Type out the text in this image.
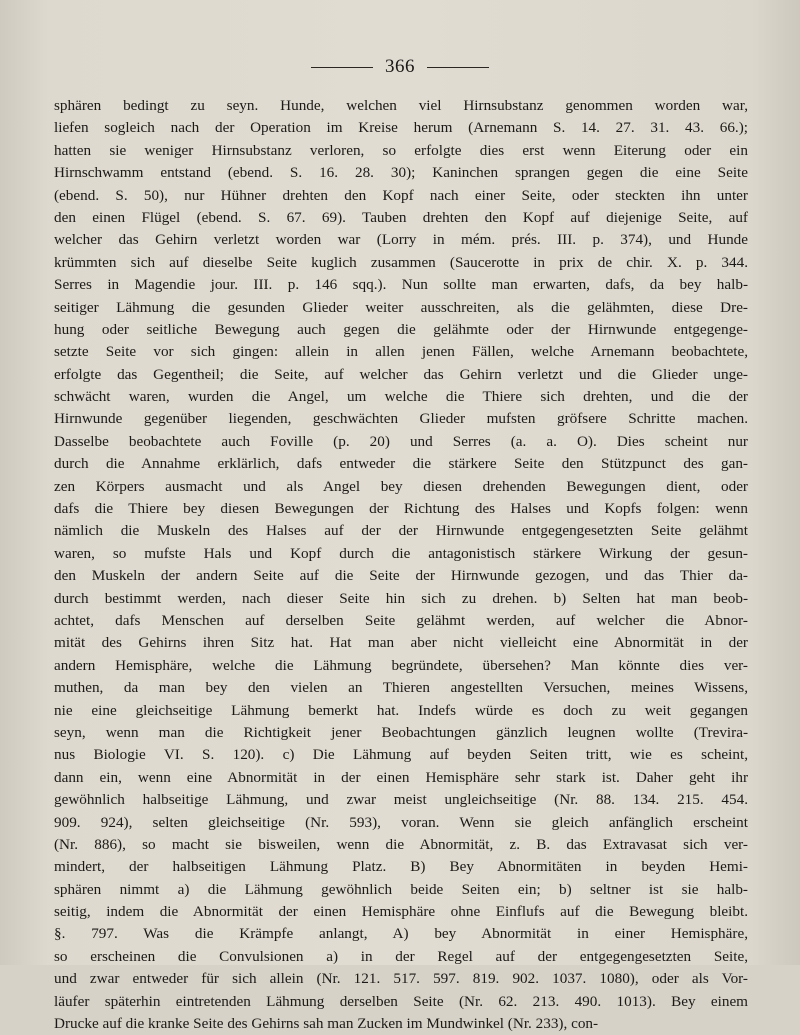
366
sphären bedingt zu seyn. Hunde, welchen viel Hirnsubstanz genommen worden war,
liefen sogleich nach der Operation im Kreise herum (Arnemann S. 14. 27. 31. 43. 66.);
hatten sie weniger Hirnsubstanz verloren, so erfolgte dies erst wenn Eiterung oder ein
Hirnschwamm entstand (ebend. S. 16. 28. 30); Kaninchen sprangen gegen die eine Seite
(ebend. S. 50), nur Hühner drehten den Kopf nach einer Seite, oder steckten ihn unter
den einen Flügel (ebend. S. 67. 69). Tauben drehten den Kopf auf diejenige Seite, auf
welcher das Gehirn verletzt worden war (Lorry in mém. prés. III. p. 374), und Hunde
krümmten sich auf dieselbe Seite kuglich zusammen (Saucerotte in prix de chir. X. p. 344.
Serres in Magendie jour. III. p. 146 sqq.). Nun sollte man erwarten, dafs, da bey halb-
seitiger Lähmung die gesunden Glieder weiter ausschreiten, als die gelähmten, diese Dre-
hung oder seitliche Bewegung auch gegen die gelähmte oder der Hirnwunde entgegenge-
setzte Seite vor sich gingen: allein in allen jenen Fällen, welche Arnemann beobachtete,
erfolgte das Gegentheil; die Seite, auf welcher das Gehirn verletzt und die Glieder unge-
schwächt waren, wurden die Angel, um welche die Thiere sich drehten, und die der
Hirnwunde gegenüber liegenden, geschwächten Glieder mufsten gröfsere Schritte machen.
Dasselbe beobachtete auch Foville (p. 20) und Serres (a. a. O). Dies scheint nur
durch die Annahme erklärlich, dafs entweder die stärkere Seite den Stützpunct des gan-
zen Körpers ausmacht und als Angel bey diesen drehenden Bewegungen dient, oder
dafs die Thiere bey diesen Bewegungen der Richtung des Halses und Kopfs folgen: wenn
nämlich die Muskeln des Halses auf der der Hirnwunde entgegengesetzten Seite gelähmt
waren, so mufste Hals und Kopf durch die antagonistisch stärkere Wirkung der gesun-
den Muskeln der andern Seite auf die Seite der Hirnwunde gezogen, und das Thier da-
durch bestimmt werden, nach dieser Seite hin sich zu drehen. b) Selten hat man beob-
achtet, dafs Menschen auf derselben Seite gelähmt werden, auf welcher die Abnor-
mität des Gehirns ihren Sitz hat. Hat man aber nicht vielleicht eine Abnormität in der
andern Hemisphäre, welche die Lähmung begründete, übersehen? Man könnte dies ver-
muthen, da man bey den vielen an Thieren angestellten Versuchen, meines Wissens,
nie eine gleichseitige Lähmung bemerkt hat. Indefs würde es doch zu weit gegangen
seyn, wenn man die Richtigkeit jener Beobachtungen gänzlich leugnen wollte (Trevira-
nus Biologie VI. S. 120). c) Die Lähmung auf beyden Seiten tritt, wie es scheint,
dann ein, wenn eine Abnormität in der einen Hemisphäre sehr stark ist. Daher geht ihr
gewöhnlich halbseitige Lähmung, und zwar meist ungleichseitige (Nr. 88. 134. 215. 454.
909. 924), selten gleichseitige (Nr. 593), voran. Wenn sie gleich anfänglich erscheint
(Nr. 886), so macht sie bisweilen, wenn die Abnormität, z. B. das Extravasat sich ver-
mindert, der halbseitigen Lähmung Platz. B) Bey Abnormitäten in beyden Hemi-
sphären nimmt a) die Lähmung gewöhnlich beide Seiten ein; b) seltner ist sie halb-
seitig, indem die Abnormität der einen Hemisphäre ohne Einflufs auf die Bewegung bleibt.
§. 797. Was die Krämpfe anlangt, A) bey Abnormität in einer Hemisphäre,
so erscheinen die Convulsionen a) in der Regel auf der entgegengesetzten Seite,
und zwar entweder für sich allein (Nr. 121. 517. 597. 819. 902. 1037. 1080), oder als Vor-
läufer späterhin eintretenden Lähmung derselben Seite (Nr. 62. 213. 490. 1013). Bey einem
Drucke auf die kranke Seite des Gehirns sah man Zucken im Mundwinkel (Nr. 233), con-
